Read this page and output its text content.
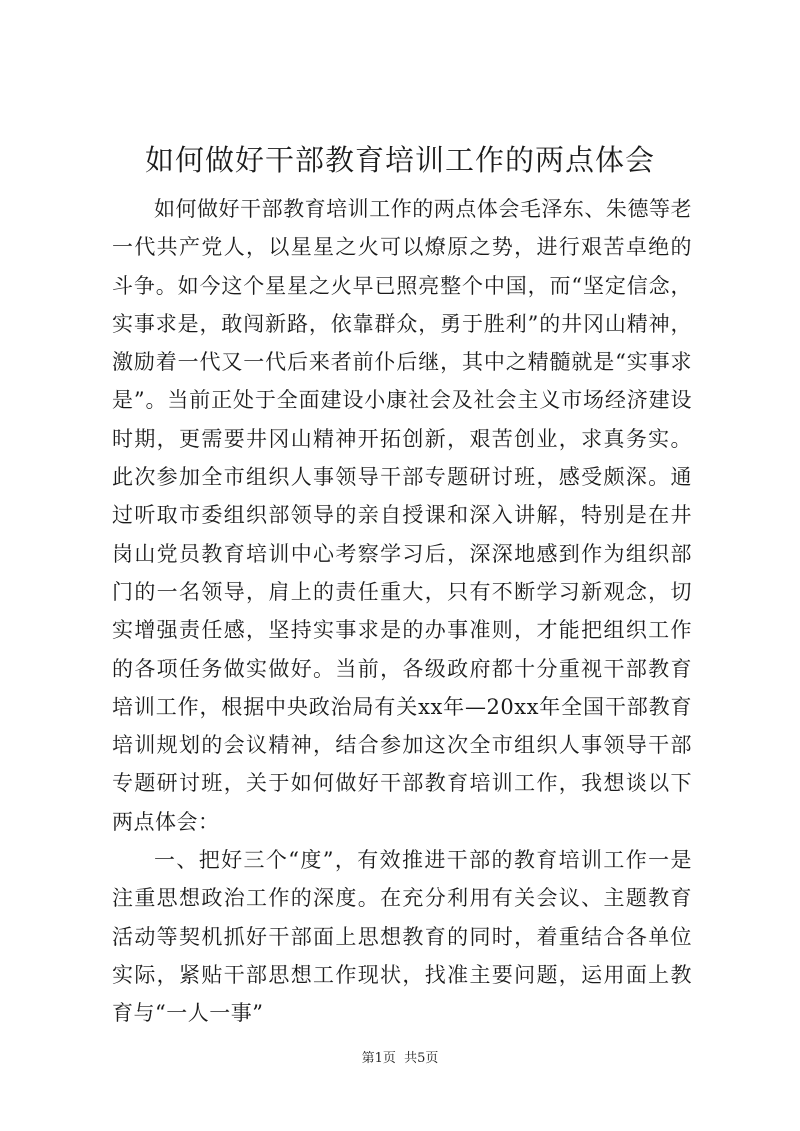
如何做好干部教育培训工作的两点体会

如何做好干部教育培训工作的两点体会毛泽东、朱德等老一代共产党人，以星星之火可以燎原之势，进行艰苦卓绝的斗争。如今这个星星之火早已照亮整个中国，而“坚定信念，实事求是，敢闯新路，依靠群众，勇于胜利”的井冈山精神，激励着一代又一代后来者前仆后继，其中之精髓就是“实事求是”。当前正处于全面建设小康社会及社会主义市场经济建设时期，更需要井冈山精神开拓创新，艰苦创业，求真务实。此次参加全市组织人事领导干部专题研讨班，感受颇深。通过听取市委组织部领导的亲自授课和深入讲解，特别是在井岗山党员教育培训中心考察学习后，深深地感到作为组织部门的一名领导，肩上的责任重大，只有不断学习新观念，切实增强责任感，坚持实事求是的办事准则，才能把组织工作的各项任务做实做好。当前，各级政府都十分重视干部教育培训工作，根据中央政治局有关xx年—20xx年全国干部教育培训规划的会议精神，结合参加这次全市组织人事领导干部专题研讨班，关于如何做好干部教育培训工作，我想谈以下两点体会：

一、把好三个“度”，有效推进干部的教育培训工作一是注重思想政治工作的深度。在充分利用有关会议、主题教育活动等契机抓好干部面上思想教育的同时，着重结合各单位实际，紧贴干部思想工作现状，找准主要问题，运用面上教育与“一人一事”

第1页 共5页
